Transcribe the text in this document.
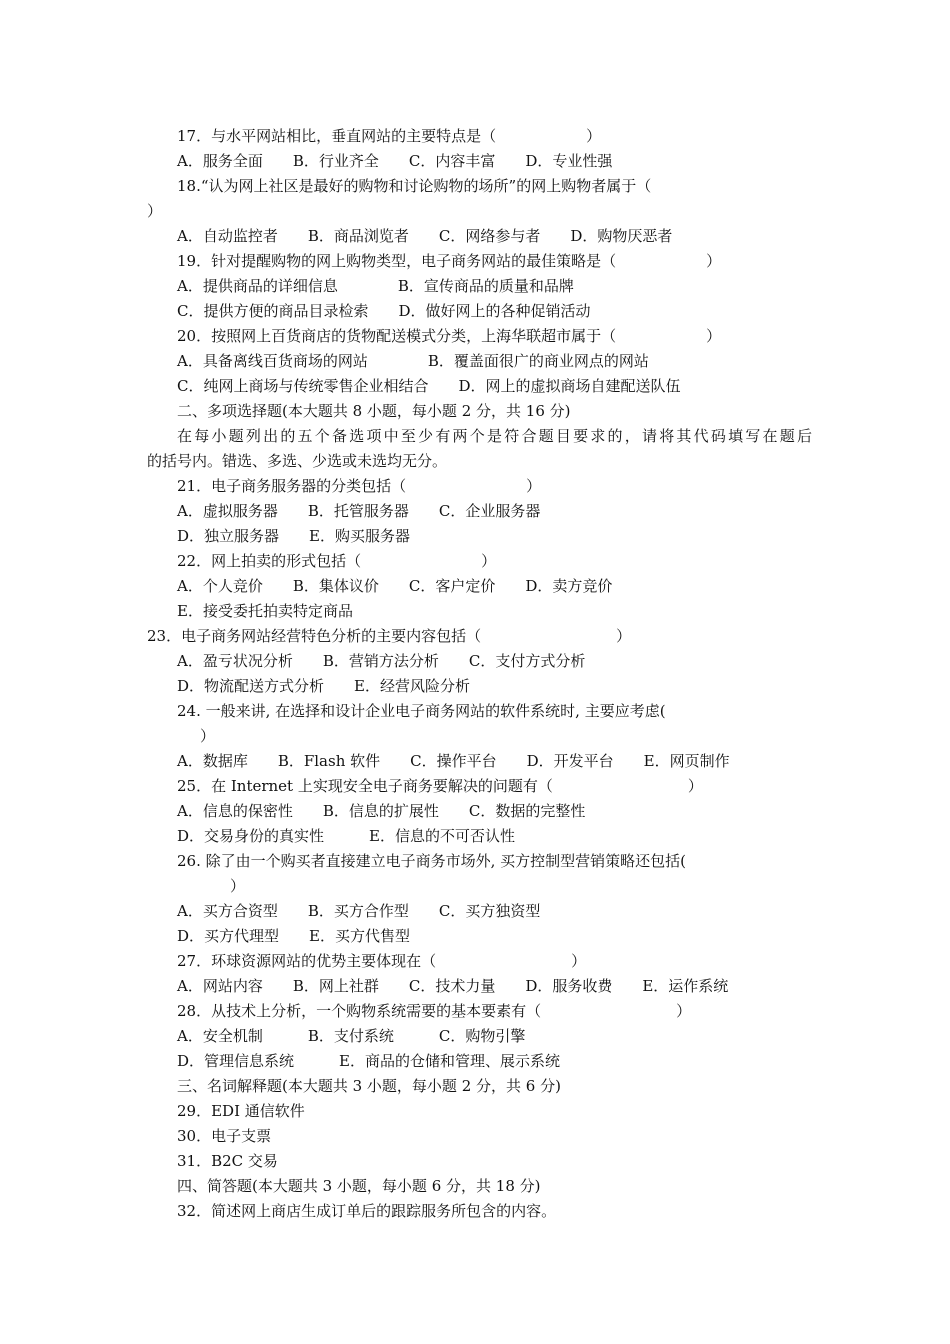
17．与水平网站相比，垂直网站的主要特点是（　　　　　　）
A．服务全面　　B．行业齐全　　C．内容丰富　　D．专业性强
18.“认为网上社区是最好的购物和讨论购物的场所”的网上购物者属于（
）
A．自动监控者　　B．商品浏览者　　C．网络参与者　　D．购物厌恶者
19．针对提醒购物的网上购物类型，电子商务网站的最佳策略是（　　　　　　）
A．提供商品的详细信息　　　　B．宣传商品的质量和品牌
C．提供方便的商品目录检索　　D．做好网上的各种促销活动
20．按照网上百货商店的货物配送模式分类，上海华联超市属于（　　　　　　）
A．具备离线百货商场的网站　　　　B．覆盖面很广的商业网点的网站
C．纯网上商场与传统零售企业相结合　　D．网上的虚拟商场自建配送队伍
二、多项选择题(本大题共 8 小题，每小题 2 分，共 16 分)
在每小题列出的五个备选项中至少有两个是符合题目要求的，请将其代码填写在题后
的括号内。错选、多选、少选或未选均无分。
21．电子商务服务器的分类包括（　　　　　　　　）
A．虚拟服务器　　B．托管服务器　　C．企业服务器
D．独立服务器　　E．购买服务器
22．网上拍卖的形式包括（　　　　　　　　）
A．个人竞价　　B．集体议价　　C．客户定价　　D．卖方竞价
E．接受委托拍卖特定商品
23．电子商务网站经营特色分析的主要内容包括（　　　　　　　　　）
A．盈亏状况分析　　B．营销方法分析　　C．支付方式分析
D．物流配送方式分析　　E．经营风险分析
24. 一般来讲, 在选择和设计企业电子商务网站的软件系统时, 主要应考虑(
）
A．数据库　　B．Flash 软件　　C．操作平台　　D．开发平台　　E．网页制作
25．在 Internet 上实现安全电子商务要解决的问题有（　　　　　　　　　）
A．信息的保密性　　B．信息的扩展性　　C．数据的完整性
D．交易身份的真实性　　　E．信息的不可否认性
26. 除了由一个购买者直接建立电子商务市场外, 买方控制型营销策略还包括(
）
A．买方合资型　　B．买方合作型　　C．买方独资型
D．买方代理型　　E．买方代售型
27．环球资源网站的优势主要体现在（　　　　　　　　　）
A．网站内容　　B．网上社群　　C．技术力量　　D．服务收费　　E．运作系统
28．从技术上分析，一个购物系统需要的基本要素有（　　　　　　　　　）
A．安全机制　　　B．支付系统　　　C．购物引擎
D．管理信息系统　　　E．商品的仓储和管理、展示系统
三、名词解释题(本大题共 3 小题，每小题 2 分，共 6 分)
29．EDI 通信软件
30．电子支票
31．B2C 交易
四、简答题(本大题共 3 小题，每小题 6 分，共 18 分)
32．简述网上商店生成订单后的跟踪服务所包含的内容。
